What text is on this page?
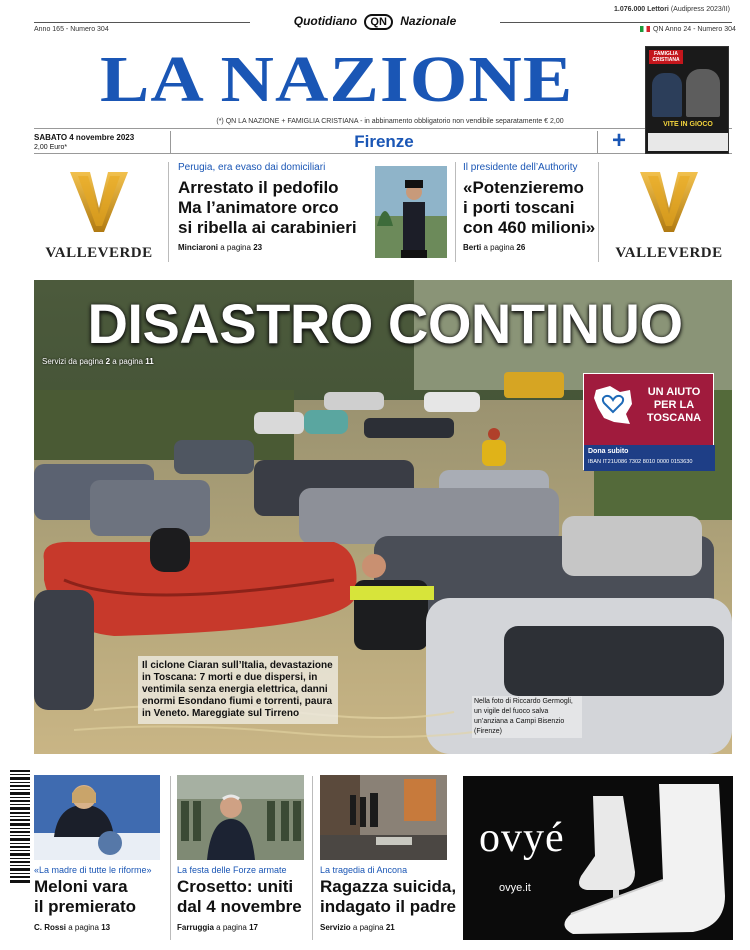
Quotidiano QN Nazionale
Anno 165 - Numero 304
1.076.000 Lettori (Audipress 2023/II)
QN Anno 24 - Numero 304
LA NAZIONE
(*) QN LA NAZIONE + FAMIGLIA CRISTIANA - in abbinamento obbligatorio non vendibile separatamente € 2,00
SABATO 4 novembre 2023
2,00 Euro*	Firenze	+
FAMIGLIA CRISTIANA
VITE IN GIOCO
VALLEVERDE
Perugia, era evaso dai domiciliari
Arrestato il pedofilo
Ma l’animatore orco
si ribella ai carabinieri
Minciaroni a pagina 23
Il presidente dell’Authority
«Potenzieremo
i porti toscani
con 460 milioni»
Berti a pagina 26	VALLEVERDE
DISASTRO CONTINUO
Servizi da pagina 2 a pagina 11
UN AIUTO
PER LA
TOSCANA
Dona subito
IBAN IT21U086 7302 8010 0000 0153630
Il ciclone Ciaran sull’Italia, devastazione in Toscana: 7 morti e due dispersi, in ventimila senza energia elettrica, danni enormi Esondano fiumi e torrenti, paura in Veneto. Mareggiate sul Tirreno
Nella foto di Riccardo Germogli, un vigile del fuoco salva un’anziana a Campi Bisenzio (Firenze)
«La madre di tutte le riforme»
Meloni vara
il premierato
C. Rossi a pagina 13
La festa delle Forze armate
Crosetto: uniti
dal 4 novembre
Farruggia a pagina 17
La tragedia di Ancona
Ragazza suicida,
indagato il padre
Servizio a pagina 21
ovyé
ovye.it
